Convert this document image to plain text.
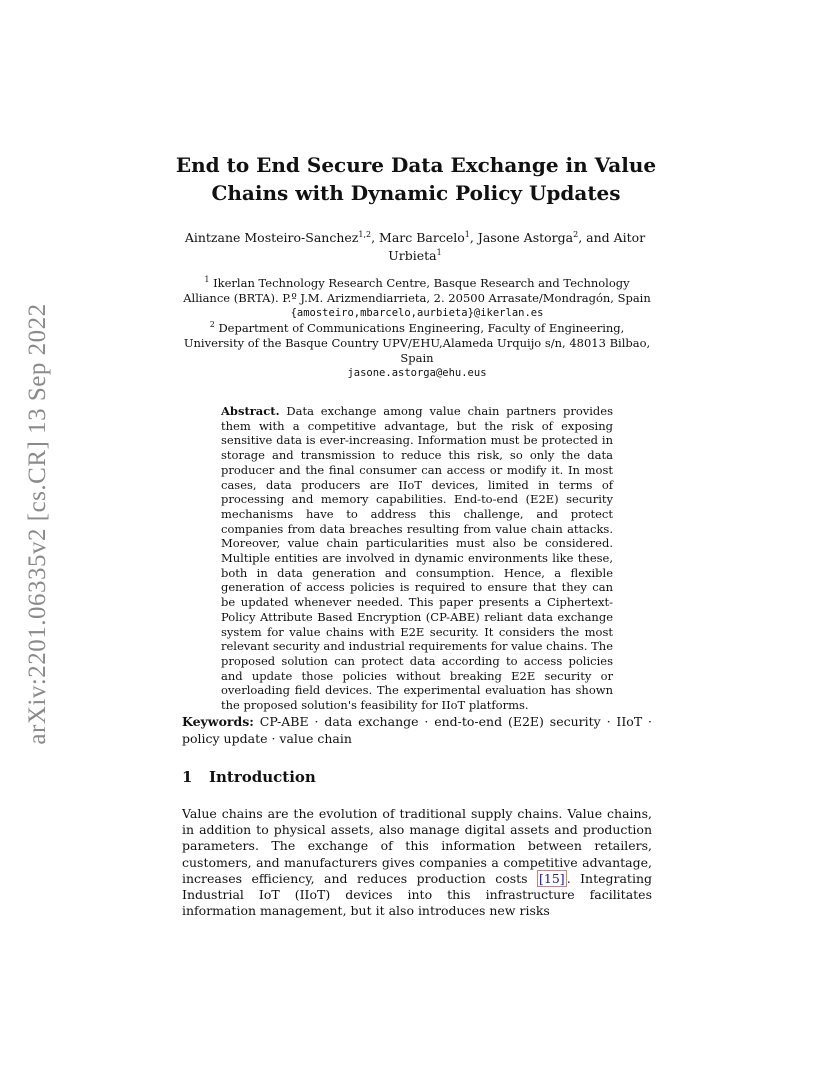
arXiv:2201.06335v2 [cs.CR] 13 Sep 2022
End to End Secure Data Exchange in Value Chains with Dynamic Policy Updates
Aintzane Mosteiro-Sanchez$^{1,2}$, Marc Barcelo$^1$, Jasone Astorga$^2$, and Aitor Urbieta$^1$

$^1$ Ikerlan Technology Research Centre, Basque Research and Technology Alliance (BRTA). P.º J.M. Arizmendiarrieta, 2. 20500 Arrasate/Mondragón, Spain

{amosteiro,mbarcelo,aurbieta}@ikerlan.es

$^2$ Department of Communications Engineering, Faculty of Engineering, University of the Basque Country UPV/EHU,Alameda Urquijo s/n, 48013 Bilbao, Spain

jasone.astorga@ehu.eus

Abstract. Data exchange among value chain partners provides them with a competitive advantage, but the risk of exposing sensitive data is ever-increasing. Information must be protected in storage and transmission to reduce this risk, so only the data producer and the final consumer can access or modify it. In most cases, data producers are IIoT devices, limited in terms of processing and memory capabilities. End-to-end (E2E) security mechanisms have to address this challenge, and protect companies from data breaches resulting from value chain attacks. Moreover, value chain particularities must also be considered. Multiple entities are involved in dynamic environments like these, both in data generation and consumption. Hence, a flexible generation of access policies is required to ensure that they can be updated whenever needed. This paper presents a Ciphertext-Policy Attribute Based Encryption (CP-ABE) reliant data exchange system for value chains with E2E security. It considers the most relevant security and industrial requirements for value chains. The proposed solution can protect data according to access policies and update those policies without breaking E2E security or overloading field devices. The experimental evaluation has shown the proposed solution's feasibility for IIoT platforms.
Keywords: CP-ABE · data exchange · end-to-end (E2E) security · IIoT · policy update · value chain
1 Introduction
Value chains are the evolution of traditional supply chains. Value chains, in addition to physical assets, also manage digital assets and production parameters. The exchange of this information between retailers, customers, and manufacturers gives companies a competitive advantage, increases efficiency, and reduces production costs [15] . Integrating Industrial IoT (IIoT) devices into this infrastructure facilitates information management, but it also introduces new risks
